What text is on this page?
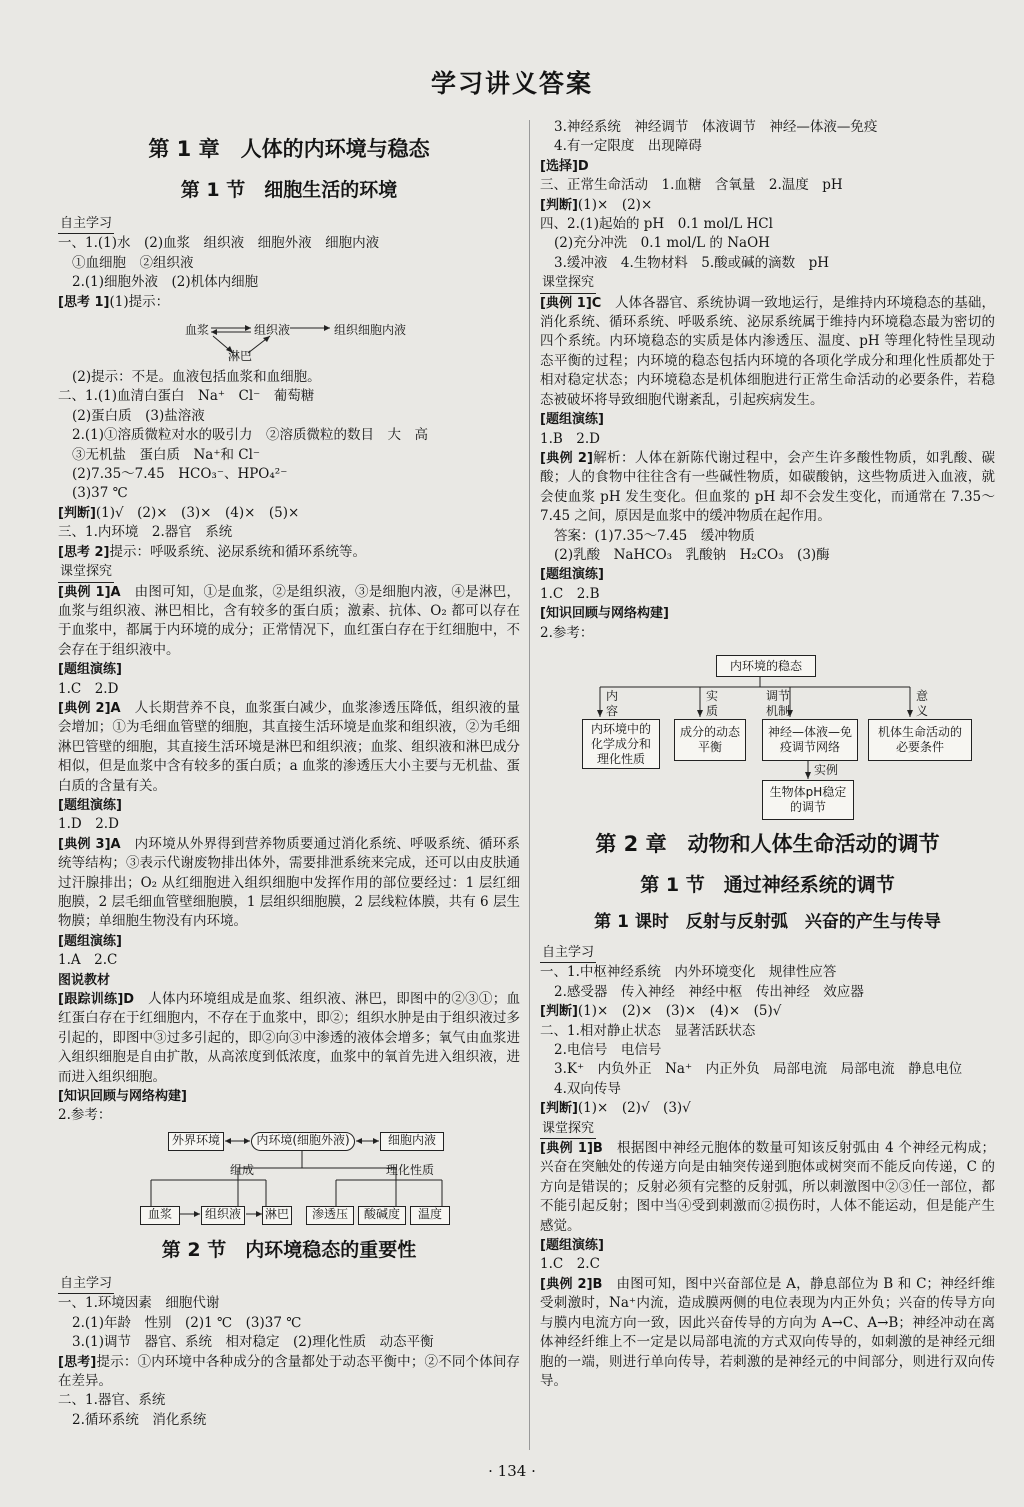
学习讲义答案
第 1 章　人体的内环境与稳态
第 1 节　细胞生活的环境
自主学习
一、1.(1)水　(2)血浆　组织液　细胞外液　细胞内液
①血细胞　②组织液
2.(1)细胞外液　(2)机体内细胞
[思考 1](1)提示：
血浆	组织液	组织细胞内液
淋巴
(2)提示：不是。血液包括血浆和血细胞。
二、1.(1)血清白蛋白　Na⁺　Cl⁻　葡萄糖
(2)蛋白质　(3)盐溶液
2.(1)①溶质微粒对水的吸引力　②溶质微粒的数目　大　高
③无机盐　蛋白质　Na⁺和 Cl⁻
(2)7.35～7.45　HCO₃⁻、HPO₄²⁻
(3)37 ℃
[判断](1)√　(2)×　(3)×　(4)×　(5)×
三、1.内环境　2.器官　系统
[思考 2]提示：呼吸系统、泌尿系统和循环系统等。
课堂探究
[典例 1]A　由图可知，①是血浆，②是组织液，③是细胞内液，④是淋巴，血浆与组织液、淋巴相比，含有较多的蛋白质；激素、抗体、O₂ 都可以存在于血浆中，都属于内环境的成分；正常情况下，血红蛋白存在于红细胞中，不会存在于组织液中。
[题组演练]
1.C　2.D
[典例 2]A　人长期营养不良，血浆蛋白减少，血浆渗透压降低，组织液的量会增加；①为毛细血管壁的细胞，其直接生活环境是血浆和组织液，②为毛细淋巴管壁的细胞，其直接生活环境是淋巴和组织液；血浆、组织液和淋巴成分相似，但是血浆中含有较多的蛋白质；a 血浆的渗透压大小主要与无机盐、蛋白质的含量有关。
[题组演练]
1.D　2.D
[典例 3]A　内环境从外界得到营养物质要通过消化系统、呼吸系统、循环系统等结构；③表示代谢废物排出体外，需要排泄系统来完成，还可以由皮肤通过汗腺排出；O₂ 从红细胞进入组织细胞中发挥作用的部位要经过：1 层红细胞膜，2 层毛细血管壁细胞膜，1 层组织细胞膜，2 层线粒体膜，共有 6 层生物膜；单细胞生物没有内环境。
[题组演练]
1.A　2.C
图说教材
[跟踪训练]D　人体内环境组成是血浆、组织液、淋巴，即图中的②③①；血红蛋白存在于红细胞内，不存在于血浆中，即②；组织水肿是由于组织液过多引起的，即图中③过多引起的，即②向③中渗透的液体会增多；氧气由血浆进入组织细胞是自由扩散，从高浓度到低浓度，血浆中的氧首先进入组织液，进而进入组织细胞。
[知识回顾与网络构建]
2.参考：
外界环境	内环境(细胞外液)	细胞内液
组成	理化性质
血浆	组织液	淋巴	渗透压	酸碱度	温度
第 2 节　内环境稳态的重要性
自主学习
一、1.环境因素　细胞代谢
2.(1)年龄　性别　(2)1 ℃　(3)37 ℃
3.(1)调节　器官、系统　相对稳定　(2)理化性质　动态平衡
[思考]提示：①内环境中各种成分的含量都处于动态平衡中；②不同个体间存在差异。
二、1.器官、系统
2.循环系统　消化系统
3.神经系统　神经调节　体液调节　神经—体液—免疫
4.有一定限度　出现障碍
[选择]D
三、正常生命活动　1.血糖　含氧量　2.温度　pH
[判断](1)×　(2)×
四、2.(1)起始的 pH　0.1 mol/L HCl
(2)充分冲洗　0.1 mol/L 的 NaOH
3.缓冲液　4.生物材料　5.酸或碱的滴数　pH
课堂探究
[典例 1]C　人体各器官、系统协调一致地运行，是维持内环境稳态的基础，消化系统、循环系统、呼吸系统、泌尿系统属于维持内环境稳态最为密切的四个系统。内环境稳态的实质是体内渗透压、温度、pH 等理化特性呈现动态平衡的过程；内环境的稳态包括内环境的各项化学成分和理化性质都处于相对稳定状态；内环境稳态是机体细胞进行正常生命活动的必要条件，若稳态被破坏将导致细胞代谢紊乱，引起疾病发生。
[题组演练]
1.B　2.D
[典例 2]解析：人体在新陈代谢过程中，会产生许多酸性物质，如乳酸、碳酸；人的食物中往往含有一些碱性物质，如碳酸钠，这些物质进入血液，就会使血浆 pH 发生变化。但血浆的 pH 却不会发生变化，而通常在 7.35～7.45 之间，原因是血浆中的缓冲物质在起作用。
答案：(1)7.35～7.45　缓冲物质
(2)乳酸　NaHCO₃　乳酸钠　H₂CO₃　(3)酶
[题组演练]
1.C　2.B
[知识回顾与网络构建]
2.参考：
内环境的稳态
内容
实质
调节机制
意义
内环境中的化学成分和理化性质
成分的动态平衡
神经—体液—免疫调节网络
机体生命活动的必要条件
实例
生物体pH稳定的调节
第 2 章　动物和人体生命活动的调节
第 1 节　通过神经系统的调节
第 1 课时　反射与反射弧　兴奋的产生与传导
自主学习
一、1.中枢神经系统　内外环境变化　规律性应答
2.感受器　传入神经　神经中枢　传出神经　效应器
[判断](1)×　(2)×　(3)×　(4)×　(5)√
二、1.相对静止状态　显著活跃状态
2.电信号　电信号
3.K⁺　内负外正　Na⁺　内正外负　局部电流　局部电流　静息电位
4.双向传导
[判断](1)×　(2)√　(3)√
课堂探究
[典例 1]B　根据图中神经元胞体的数量可知该反射弧由 4 个神经元构成；兴奋在突触处的传递方向是由轴突传递到胞体或树突而不能反向传递，C 的方向是错误的；反射必须有完整的反射弧，所以刺激图中②③任一部位，都不能引起反射；图中当④受到刺激而②损伤时，人体不能运动，但是能产生感觉。
[题组演练]
1.C　2.C
[典例 2]B　由图可知，图中兴奋部位是 A，静息部位为 B 和 C；神经纤维受刺激时，Na⁺内流，造成膜两侧的电位表现为内正外负；兴奋的传导方向与膜内电流方向一致，因此兴奋传导的方向为 A→C、A→B；神经冲动在离体神经纤维上不一定是以局部电流的方式双向传导的，如刺激的是神经元细胞的一端，则进行单向传导，若刺激的是神经元的中间部分，则进行双向传导。
· 134 ·
